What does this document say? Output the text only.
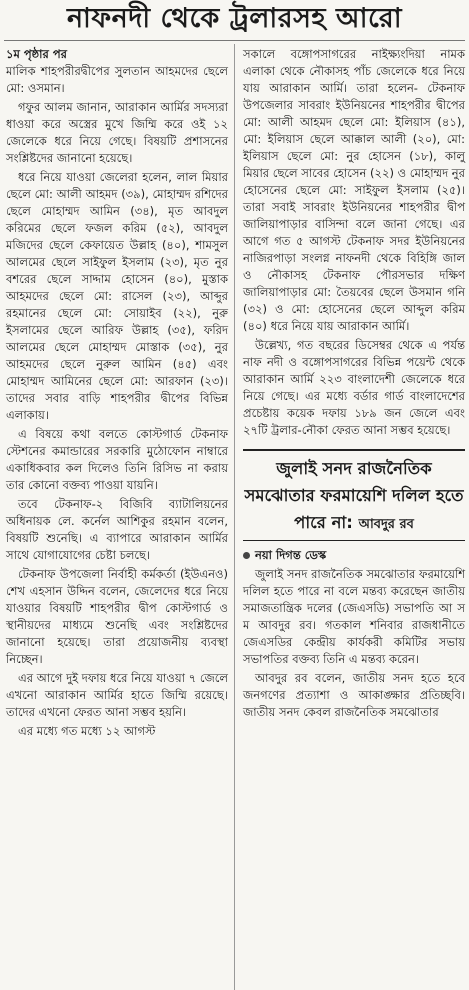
নাফনদী থেকে ট্রলারসহ আরো
১ম পৃষ্ঠার পর

মালিক শাহপরীরদ্বীপের সুলতান আহমদের ছেলে মো: ওসমান।

গফুর আলম জানান, আরাকান আর্মির সদস্যরা ধাওয়া করে অস্ত্রের মুখে জিম্মি করে ওই ১২ জেলেকে ধরে নিয়ে গেছে। বিষয়টি প্রশাসনের সংশ্লিষ্টদের জানানো হয়েছে।

ধরে নিয়ে যাওয়া জেলেরা হলেন, লাল মিয়ার ছেলে মো: আলী আহমদ (৩৯), মোহাম্মদ রশিদের ছেলে মোহাম্মদ আমিন (৩৪), মৃত আবদুল করিমের ছেলে ফজল করিম (৫২), আবদুল মজিদের ছেলে কেফায়েত উল্লাহ (৪০), শামসুল আলমের ছেলে সাইফুল ইসলাম (২৩), মৃত নুর বশরের ছেলে সাদ্দাম হোসেন (৪০), মুস্তাক আহমদের ছেলে মো: রাসেল (২৩), আব্দুর রহমানের ছেলে মো: সোয়াইব (২২), নুরু ইসলামের ছেলে আরিফ উল্লাহ (৩৫), ফরিদ আলমের ছেলে মোহাম্মদ মোস্তাক (৩৫), নুর আহমদের ছেলে নুরুল আমিন (৪৫) এবং মোহাম্মদ আমিনের ছেলে মো: আরফান (২৩)। তাদের সবার বাড়ি শাহপরীর দ্বীপের বিভিন্ন এলাকায়।

এ বিষয়ে কথা বলতে কোস্টগার্ড টেকনাফ স্টেশনের কমান্ডারের সরকারি মুঠোফোন নাম্বারে একাধিকবার কল দিলেও তিনি রিসিভ না করায় তার কোনো বক্তব্য পাওয়া যায়নি।

তবে টেকনাফ-২ বিজিবি ব্যাটালিয়নের অধিনায়ক লে. কর্নেল আশিকুর রহমান বলেন, বিষয়টি শুনেছি। এ ব্যাপারে আরাকান আর্মির সাথে যোগাযোগের চেষ্টা চলছে।

টেকনাফ উপজেলা নির্বাহী কর্মকর্তা (ইউএনও) শেখ এহসান উদ্দিন বলেন, জেলেদের ধরে নিয়ে যাওয়ার বিষয়টি শাহপরীর দ্বীপ কোস্টগার্ড ও স্থানীয়দের মাধ্যমে শুনেছি এবং সংশ্লিষ্টদের জানানো হয়েছে। তারা প্রয়োজনীয় ব্যবস্থা নিচ্ছেন।

এর আগে দুই দফায় ধরে নিয়ে যাওয়া ৭ জেলে এখনো আরাকান আর্মির হাতে জিম্মি রয়েছে। তাদের এখনো ফেরত আনা সম্ভব হয়নি।

এর মধ্যে গত মধ্যে ১২ আগস্ট

সকালে বঙ্গোপসাগরের নাইক্ষ্যংদিয়া নামক এলাকা থেকে নৌকাসহ পাঁচ জেলেকে ধরে নিয়ে যায় আরাকান আর্মি। তারা হলেন- টেকনাফ উপজেলার সাবরাং ইউনিয়নের শাহপরীর দ্বীপের মো: আলী আহমদ ছেলে মো: ইলিয়াস (৪১), মো: ইলিয়াস ছেলে আক্কাল আলী (২০), মো: ইলিয়াস ছেলে মো: নুর হোসেন (১৮), কালু মিয়ার ছেলে সাবের হোসেন (২২) ও মোহাম্মদ নুর হোসেনের ছেলে মো: সাইফুল ইসলাম (২৫)। তারা সবাই সাবরাং ইউনিয়নের শাহপরীর দ্বীপ জালিয়াপাড়ার বাসিন্দা বলে জানা গেছে। এর আগে গত ৫ আগস্ট টেকনাফ সদর ইউনিয়নের নাজিরপাড়া সংলগ্ন নাফনদী থেকে বিহিঙ্গি জাল ও নৌকাসহ টেকনাফ পৌরসভার দক্ষিণ জালিয়াপাড়ার মো: তৈয়বের ছেলে উসমান গনি (৩২) ও মো: হোসেনের ছেলে আব্দুল করিম (৪০) ধরে নিয়ে যায় আরাকান আর্মি।

উল্লেখ্য, গত বছরের ডিসেম্বর থেকে এ পর্যন্ত নাফ নদী ও বঙ্গোপসাগরের বিভিন্ন পয়েন্ট থেকে আরাকান আর্মি ২২৩ বাংলাদেশী জেলেকে ধরে নিয়ে গেছে। এর মধ্যে বর্ডার গার্ড বাংলাদেশের প্রচেষ্টায় কয়েক দফায় ১৮৯ জন জেলে এবং ২৭টি ট্রলার-নৌকা ফেরত আনা সম্ভব হয়েছে।

জুলাই সনদ রাজনৈতিক সমঝোতার ফরমায়েশি দলিল হতে পারে না: আবদুর রব
নয়া দিগন্ত ডেস্ক

জুলাই সনদ রাজনৈতিক সমঝোতার ফরমায়েশি দলিল হতে পারে না বলে মন্তব্য করেছেন জাতীয় সমাজতান্ত্রিক দলের (জেএসডি) সভাপতি আ স ম আবদুর রব। গতকাল শনিবার রাজধানীতে জেএসডির কেন্দ্রীয় কার্যকরী কমিটির সভায় সভাপতির বক্তব্য তিনি এ মন্তব্য করেন।

আবদুর রব বলেন, জাতীয় সনদ হতে হবে জনগণের প্রত্যাশা ও আকাঙ্ক্ষার প্রতিচ্ছবি। জাতীয় সনদ কেবল রাজনৈতিক সমঝোতার
